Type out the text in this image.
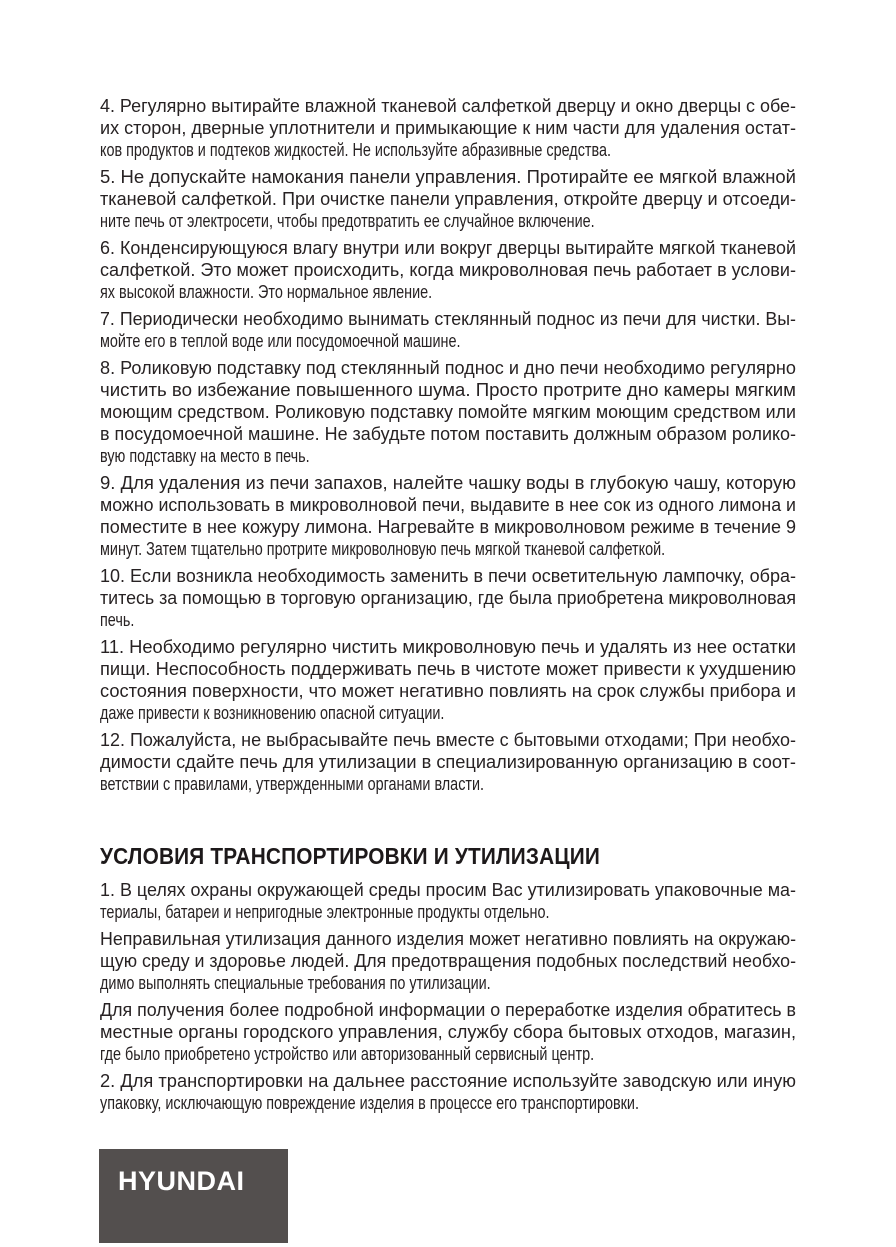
4. Регулярно вытирайте влажной тканевой салфеткой дверцу и окно дверцы с обе-
их сторон, дверные уплотнители и примыкающие к ним части для удаления остат-
ков продуктов и подтеков жидкостей. Не используйте абразивные средства.
5. Не допускайте намокания панели управления. Протирайте ее мягкой влажной
тканевой салфеткой. При очистке панели управления, откройте дверцу и отсоеди-
ните печь от электросети, чтобы предотвратить ее случайное включение.
6. Конденсирующуюся влагу внутри или вокруг дверцы вытирайте мягкой тканевой
салфеткой. Это может происходить, когда микроволновая печь работает в услови-
ях высокой влажности. Это нормальное явление.
7. Периодически необходимо вынимать стеклянный поднос из печи для чистки. Вы-
мойте его в теплой воде или посудомоечной машине.
8. Роликовую подставку под стеклянный поднос и дно печи необходимо регулярно
чистить во избежание повышенного шума. Просто протрите дно камеры мягким
моющим средством. Роликовую подставку помойте мягким моющим средством или
в посудомоечной машине. Не забудьте потом поставить должным образом ролико-
вую подставку на место в печь.
9. Для удаления из печи запахов, налейте чашку воды в глубокую чашу, которую
можно использовать в микроволновой печи, выдавите в нее сок из одного лимона и
поместите в нее кожуру лимона. Нагревайте в микроволновом режиме в течение 9
минут. Затем тщательно протрите микроволновую печь мягкой тканевой салфеткой.
10. Если возникла необходимость заменить в печи осветительную лампочку, обра-
титесь за помощью в торговую организацию, где была приобретена микроволновая
печь.
11. Необходимо регулярно чистить микроволновую печь и удалять из нее остатки
пищи. Неспособность поддерживать печь в чистоте может привести к ухудшению
состояния поверхности, что может негативно повлиять на срок службы прибора и
даже привести к возникновению опасной ситуации.
12. Пожалуйста, не выбрасывайте печь вместе с бытовыми отходами; При необхо-
димости сдайте печь для утилизации в специализированную организацию в соот-
ветствии с правилами, утвержденными органами власти.
УСЛОВИЯ ТРАНСПОРТИРОВКИ И УТИЛИЗАЦИИ
1. В целях охраны окружающей среды просим Вас утилизировать упаковочные ма-
териалы, батареи и непригодные электронные продукты отдельно.
Неправильная утилизация данного изделия может негативно повлиять на окружаю-
щую среду и здоровье людей. Для предотвращения подобных последствий необхо-
димо выполнять специальные требования по утилизации.
Для получения более подробной информации о переработке изделия обратитесь в
местные органы городского управления, службу сбора бытовых отходов, магазин,
где было приобретено устройство или авторизованный сервисный центр.
2. Для транспортировки на дальнее расстояние используйте заводскую или иную
упаковку, исключающую повреждение изделия в процессе его транспортировки.
HYUNDAI
